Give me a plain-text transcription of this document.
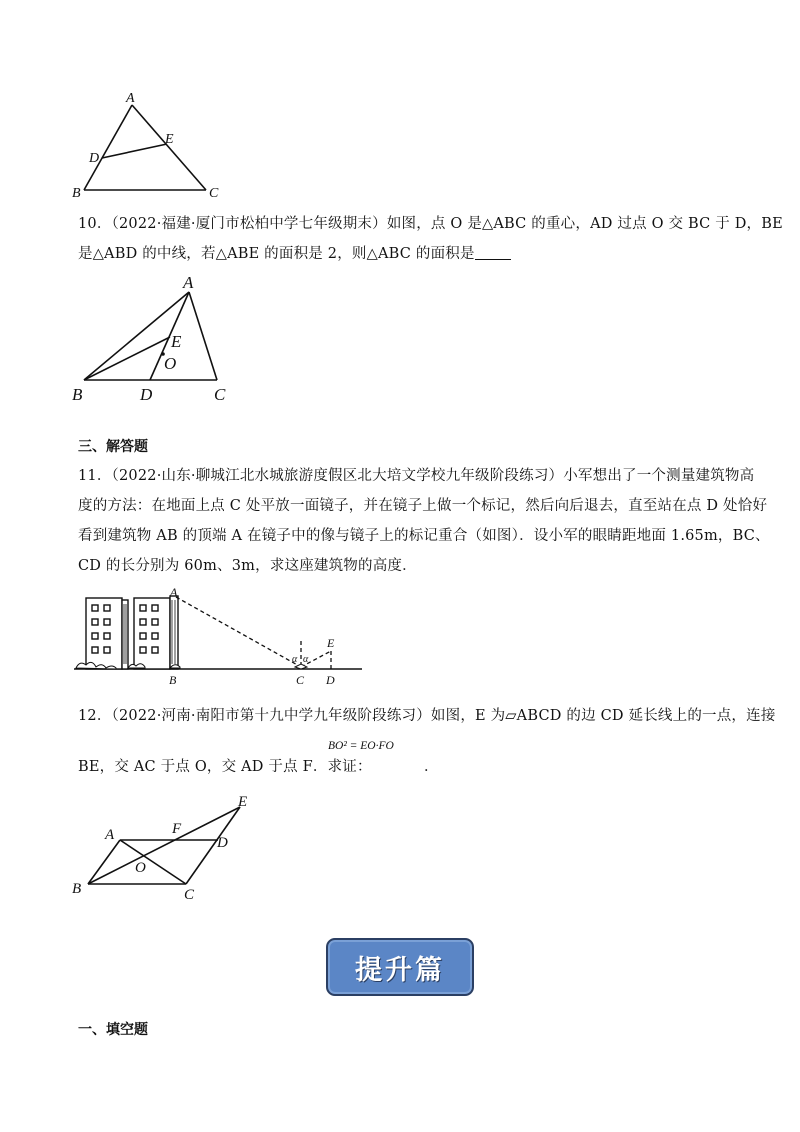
A
B	C
D
E
10．（2022·福建·厦门市松柏中学七年级期末）如图，点 O 是△ABC 的重心，AD 过点 O 交 BC 于 D，BE
是△ABD 的中线，若△ABE 的面积是 2，则△ABC 的面积是
A
B	C
D
E
O
三、解答题
11．（2022·山东·聊城江北水城旅游度假区北大培文学校九年级阶段练习）小军想出了一个测量建筑物高
度的方法：在地面上点 C 处平放一面镜子，并在镜子上做一个标记，然后向后退去，直至站在点 D 处恰好
看到建筑物 AB 的顶端 A 在镜子中的像与镜子上的标记重合（如图）．设小军的眼睛距地面 1.65m，BC、
CD 的长分别为 60m、3m，求这座建筑物的高度．
A
B	C D
E
α α
12．（2022·河南·南阳市第十九中学九年级阶段练习）如图，E 为▱ABCD 的边 CD 延长线上的一点，连接
BE，交 AC 于点 O，交 AD 于点 F．求证：
BO² = EO·FO
．
A
B	C
D
E
F
O
提升篇
一、填空题
